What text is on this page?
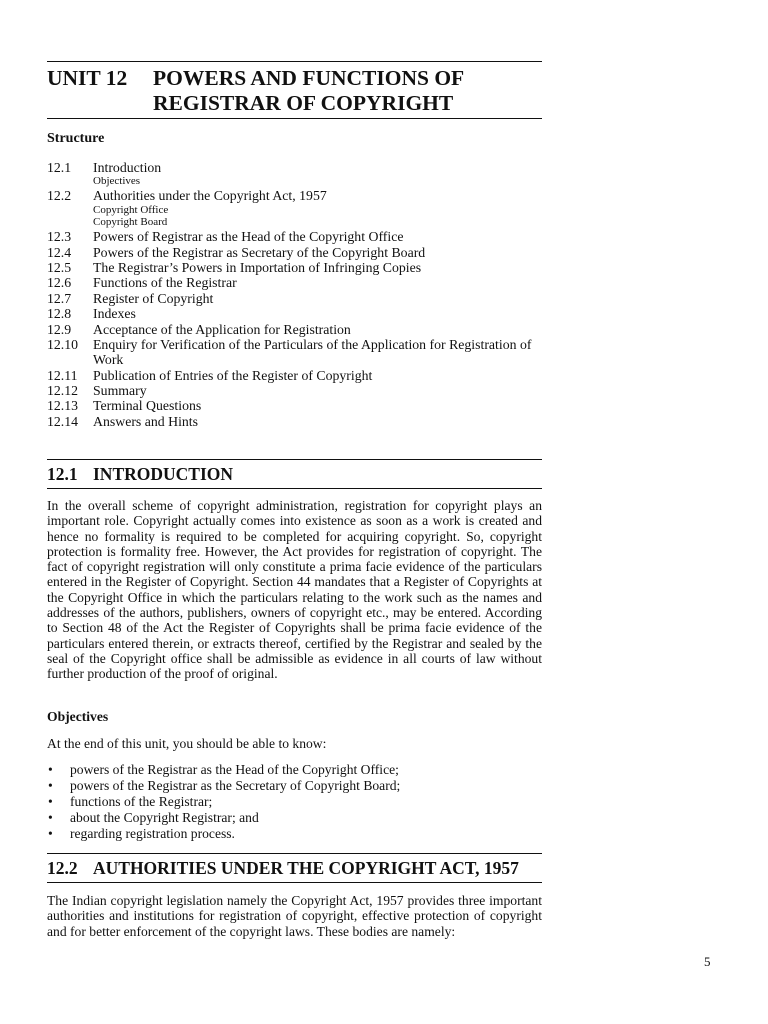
UNIT 12 POWERS AND FUNCTIONS OF
REGISTRAR OF COPYRIGHT
Structure
12.1	Introduction
Objectives
12.2	Authorities under the Copyright Act, 1957
Copyright Office
Copyright Board
12.3	Powers of Registrar as the Head of the Copyright Office
12.4	Powers of the Registrar as Secretary of the Copyright Board
12.5	The Registrar’s Powers in Importation of Infringing Copies
12.6	Functions of the Registrar
12.7	Register of Copyright
12.8	Indexes
12.9	Acceptance of the Application for Registration
12.10	Enquiry for Verification of the Particulars of the Application for Registration of Work
12.11	Publication of Entries of the Register of Copyright
12.12	Summary
12.13	Terminal Questions
12.14	Answers and Hints
12.1 INTRODUCTION

In the overall scheme of copyright administration, registration for copyright plays an important role. Copyright actually comes into existence as soon as a work is created and hence no formality is required to be completed for acquiring copyright. So, copyright protection is formality free. However, the Act provides for registration of copyright. The fact of copyright registration will only constitute a prima facie evidence of the particulars entered in the Register of Copyright. Section 44 mandates that a Register of Copyrights at the Copyright Office in which the particulars relating to the work such as the names and addresses of the authors, publishers, owners of copyright etc., may be entered. According to Section 48 of the Act the Register of Copyrights shall be prima facie evidence of the particulars entered therein, or extracts thereof, certified by the Registrar and sealed by the seal of the Copyright office shall be admissible as evidence in all courts of law without further production of the proof of original.

Objectives
At the end of this unit, you should be able to know:
• powers of the Registrar as the Head of the Copyright Office;
• powers of the Registrar as the Secretary of Copyright Board;
• functions of the Registrar;
• about the Copyright Registrar; and
• regarding registration process.
12.2 AUTHORITIES UNDER THE COPYRIGHT ACT, 1957

The Indian copyright legislation namely the Copyright Act, 1957 provides three important authorities and institutions for registration of copyright, effective protection of copyright and for better enforcement of the copyright laws. These bodies are namely:

5
